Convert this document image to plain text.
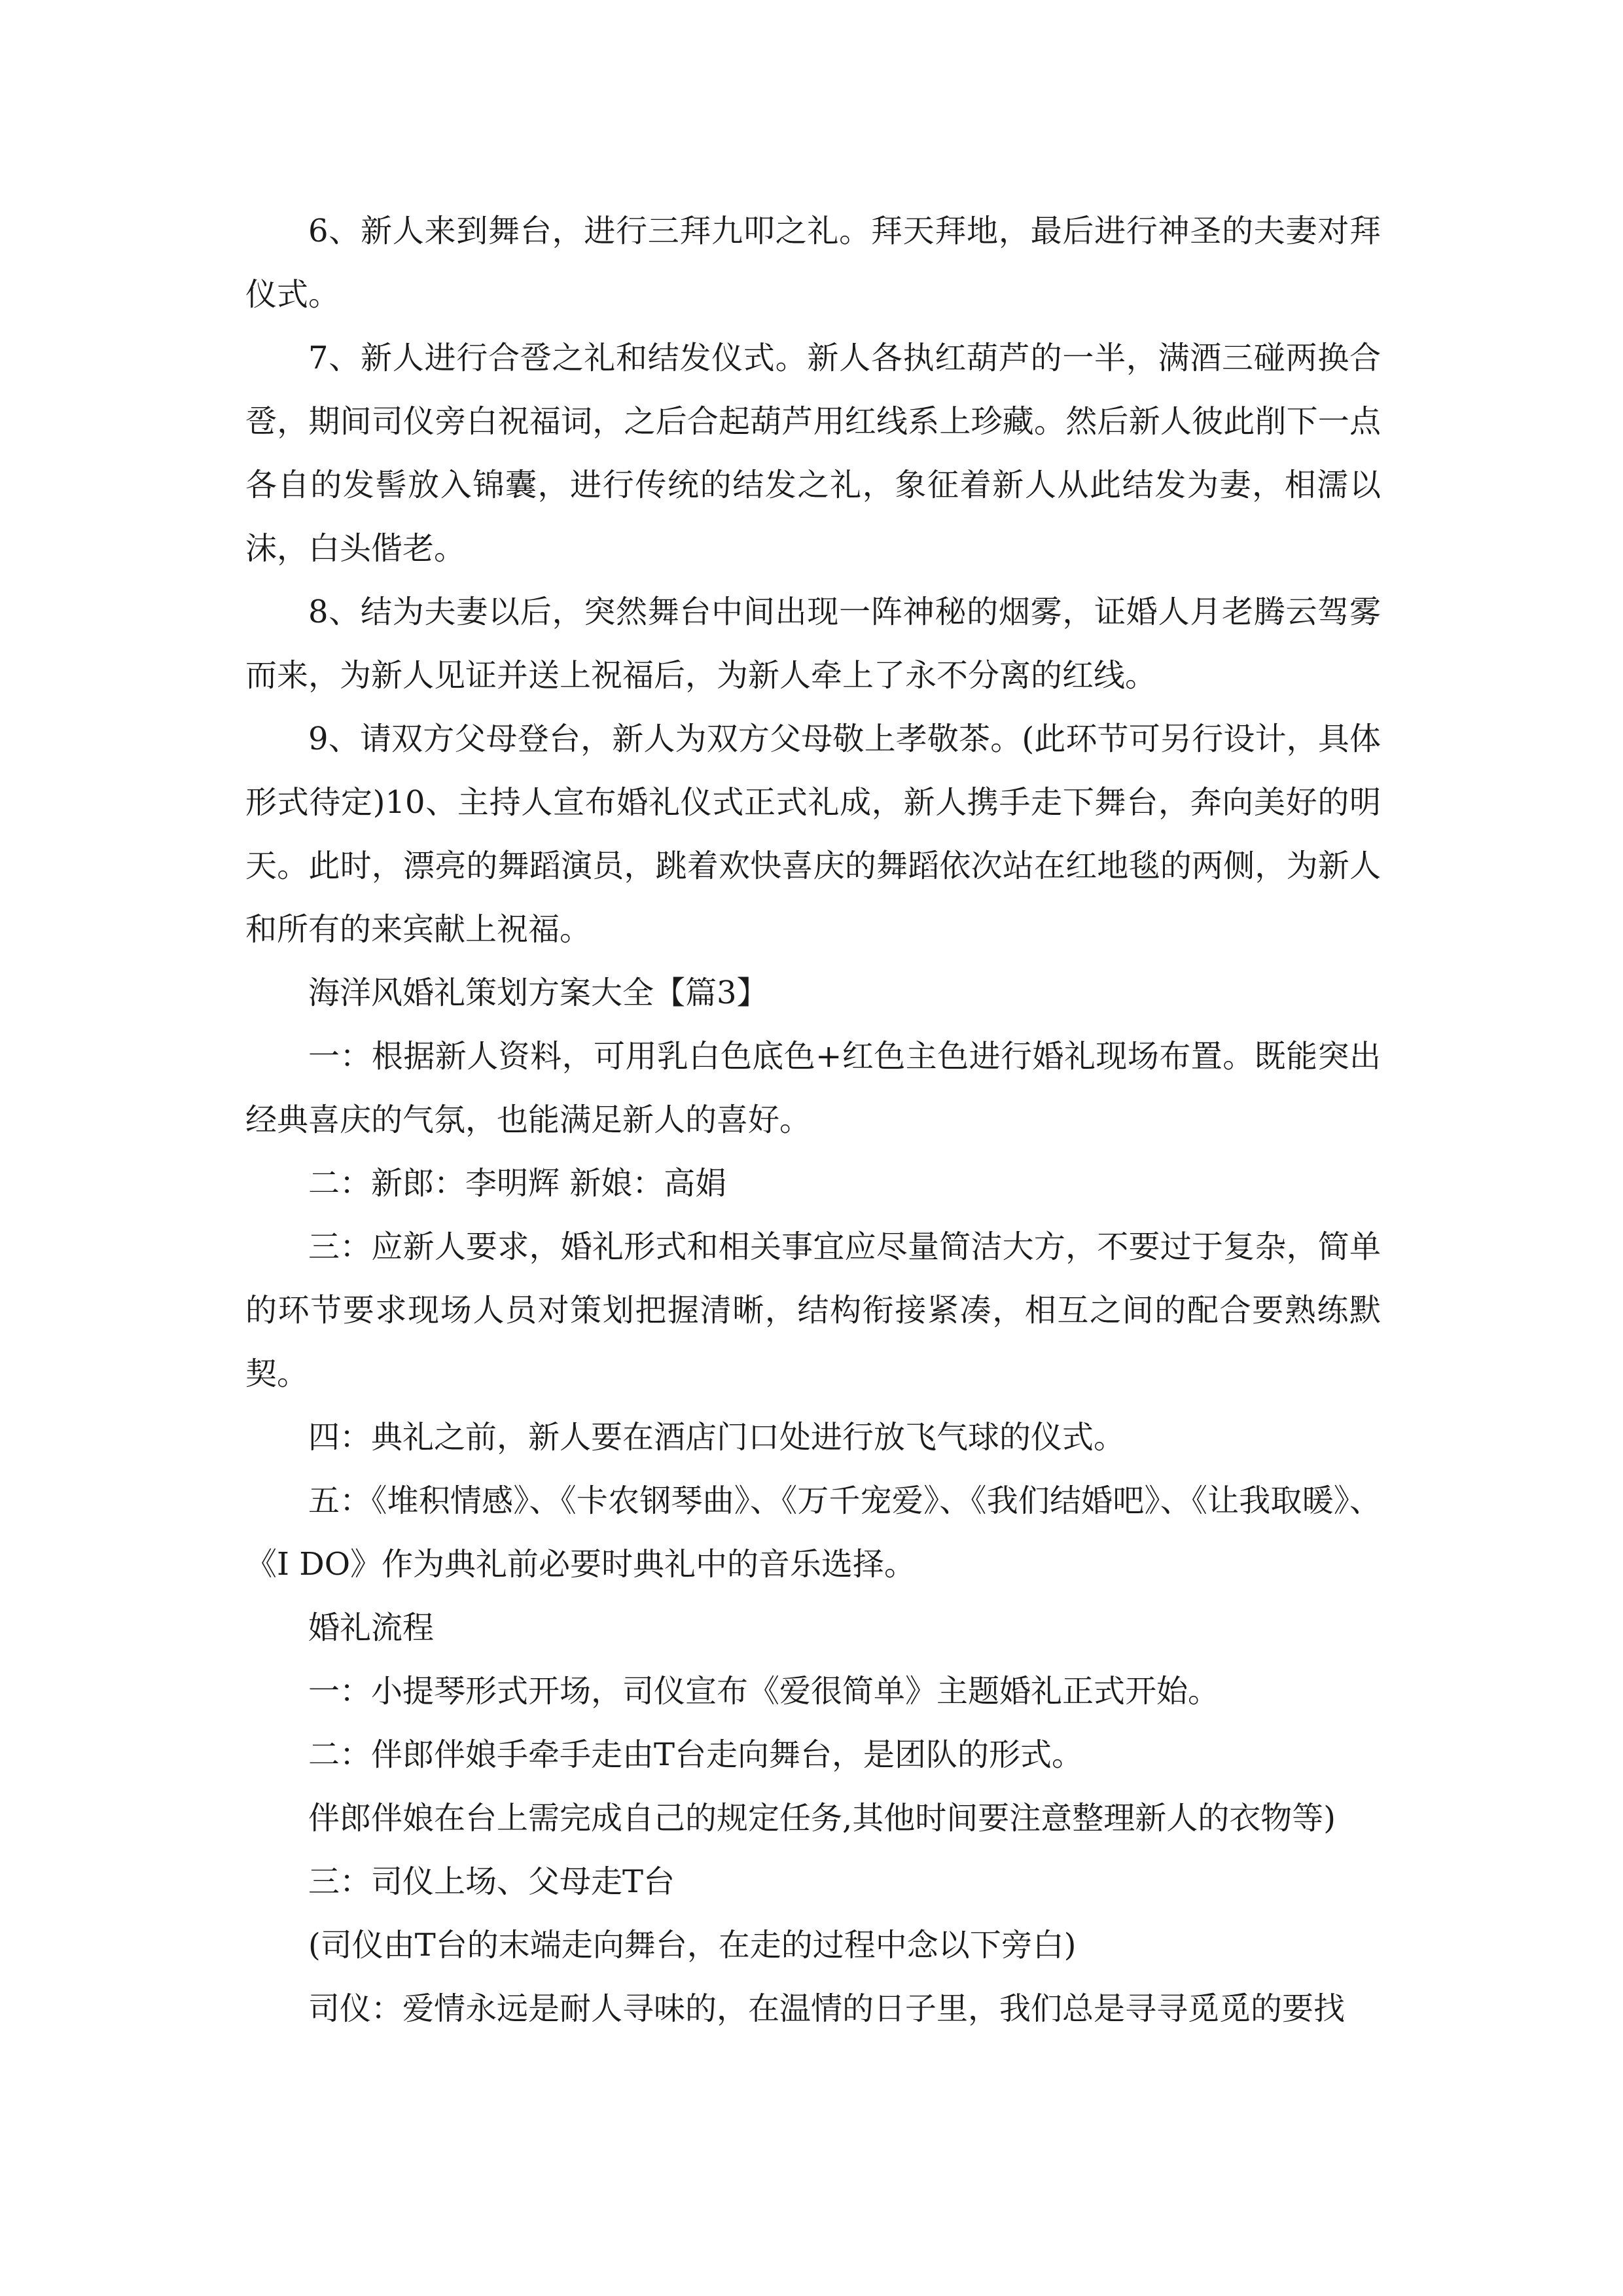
6、新人来到舞台，进行三拜九叩之礼。拜天拜地，最后进行神圣的夫妻对拜仪式。

7、新人进行合卺之礼和结发仪式。新人各执红葫芦的一半，满酒三碰两换合卺，期间司仪旁白祝福词，之后合起葫芦用红线系上珍藏。然后新人彼此削下一点各自的发髻放入锦囊，进行传统的结发之礼，象征着新人从此结发为妻，相濡以沫，白头偕老。

8、结为夫妻以后，突然舞台中间出现一阵神秘的烟雾，证婚人月老腾云驾雾而来，为新人见证并送上祝福后，为新人牵上了永不分离的红线。

9、请双方父母登台，新人为双方父母敬上孝敬茶。(此环节可另行设计，具体形式待定)10、主持人宣布婚礼仪式正式礼成，新人携手走下舞台，奔向美好的明天。此时，漂亮的舞蹈演员，跳着欢快喜庆的舞蹈依次站在红地毯的两侧，为新人和所有的来宾献上祝福。

海洋风婚礼策划方案大全【篇3】

一：根据新人资料，可用乳白色底色+红色主色进行婚礼现场布置。既能突出经典喜庆的气氛，也能满足新人的喜好。

二：新郎：李明辉 新娘：高娟

三：应新人要求，婚礼形式和相关事宜应尽量简洁大方，不要过于复杂，简单的环节要求现场人员对策划把握清晰，结构衔接紧凑，相互之间的配合要熟练默契。

四：典礼之前，新人要在酒店门口处进行放飞气球的仪式。

五：《堆积情感》、《卡农钢琴曲》、《万千宠爱》、《我们结婚吧》、《让我取暖》、《I DO》作为典礼前必要时典礼中的音乐选择。

婚礼流程

一：小提琴形式开场，司仪宣布《爱很简单》主题婚礼正式开始。

二：伴郎伴娘手牵手走由T台走向舞台，是团队的形式。

伴郎伴娘在台上需完成自己的规定任务,其他时间要注意整理新人的衣物等)

三：司仪上场、父母走T台

(司仪由T台的末端走向舞台，在走的过程中念以下旁白)

司仪：爱情永远是耐人寻味的，在温情的日子里，我们总是寻寻觅觅的要找
